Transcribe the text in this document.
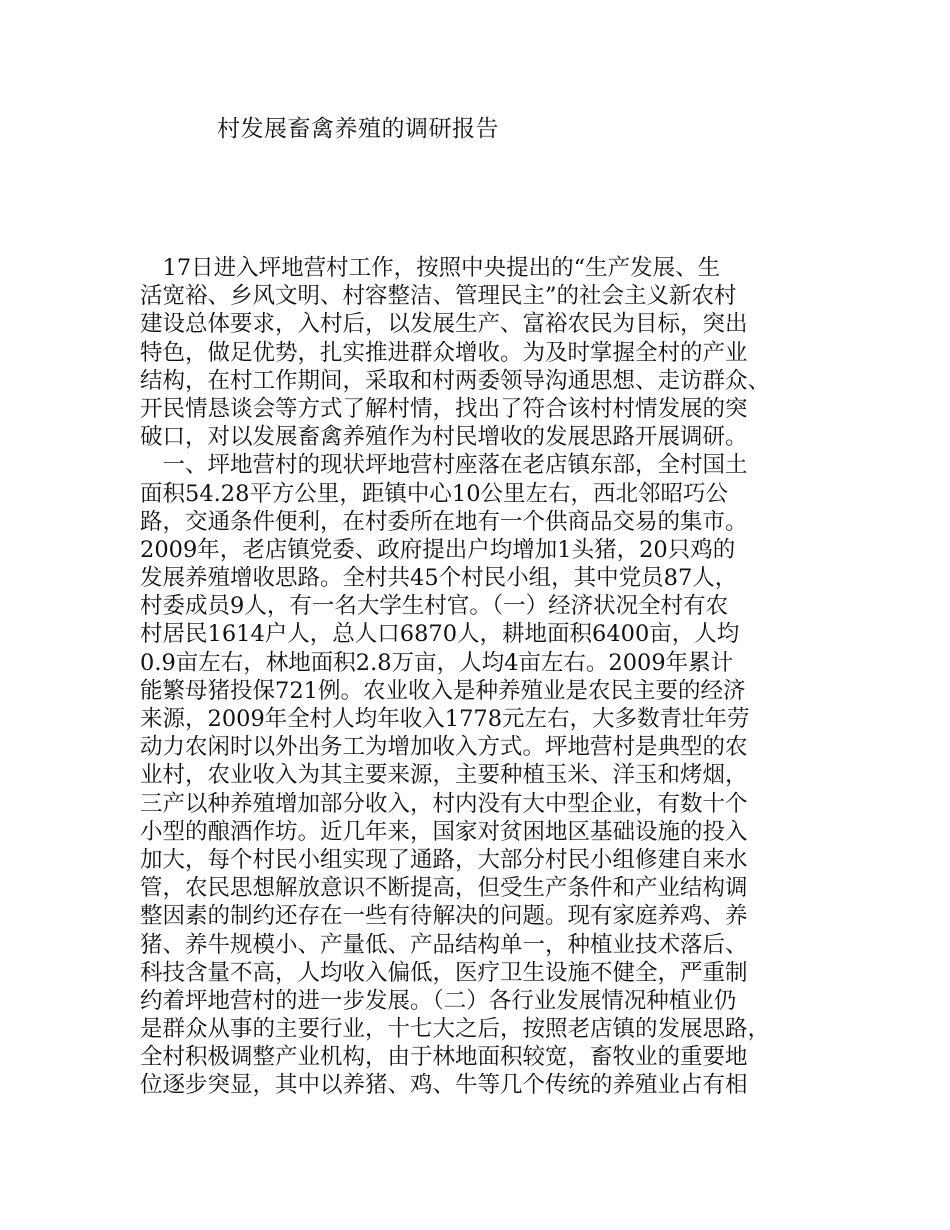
村发展畜禽养殖的调研报告
　17日进入坪地营村工作，按照中央提出的“生产发展、生
活宽裕、乡风文明、村容整洁、管理民主”的社会主义新农村
建设总体要求，入村后，以发展生产、富裕农民为目标，突出
特色，做足优势，扎实推进群众增收。为及时掌握全村的产业
结构，在村工作期间，采取和村两委领导沟通思想、走访群众、
开民情恳谈会等方式了解村情，找出了符合该村村情发展的突
破口，对以发展畜禽养殖作为村民增收的发展思路开展调研。
　一、坪地营村的现状坪地营村座落在老店镇东部，全村国土
面积54.28平方公里，距镇中心10公里左右，西北邻昭巧公
路，交通条件便利，在村委所在地有一个供商品交易的集市。
2009年，老店镇党委、政府提出户均增加1头猪，20只鸡的
发展养殖增收思路。全村共45个村民小组，其中党员87人，
村委成员9人，有一名大学生村官。（一）经济状况全村有农
村居民1614户人，总人口6870人，耕地面积6400亩，人均
0.9亩左右，林地面积2.8万亩，人均4亩左右。2009年累计
能繁母猪投保721例。农业收入是种养殖业是农民主要的经济
来源，2009年全村人均年收入1778元左右，大多数青壮年劳
动力农闲时以外出务工为增加收入方式。坪地营村是典型的农
业村，农业收入为其主要来源，主要种植玉米、洋玉和烤烟，
三产以种养殖增加部分收入，村内没有大中型企业，有数十个
小型的酿酒作坊。近几年来，国家对贫困地区基础设施的投入
加大，每个村民小组实现了通路，大部分村民小组修建自来水
管，农民思想解放意识不断提高，但受生产条件和产业结构调
整因素的制约还存在一些有待解决的问题。现有家庭养鸡、养
猪、养牛规模小、产量低、产品结构单一，种植业技术落后、
科技含量不高，人均收入偏低，医疗卫生设施不健全，严重制
约着坪地营村的进一步发展。（二）各行业发展情况种植业仍
是群众从事的主要行业，十七大之后，按照老店镇的发展思路，
全村积极调整产业机构，由于林地面积较宽，畜牧业的重要地
位逐步突显，其中以养猪、鸡、牛等几个传统的养殖业占有相
